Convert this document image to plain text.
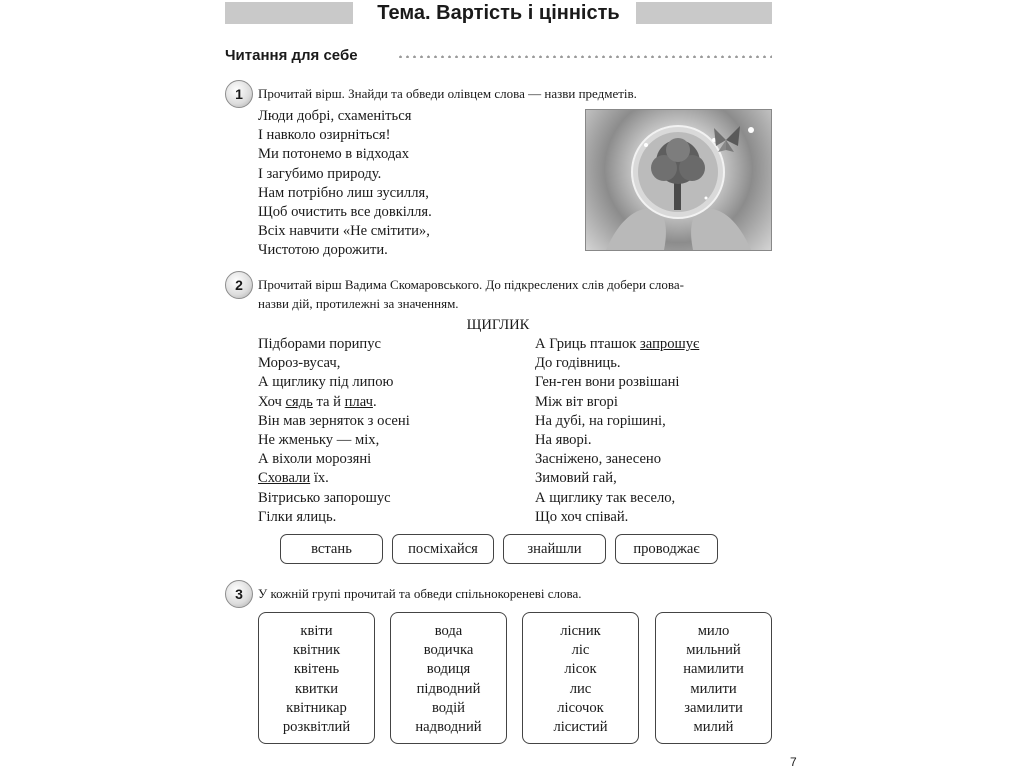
Тема. Вартість і цінність
Читання для себе
1	Прочитай вірш. Знайди та обведи олівцем слова — назви предметів.
Люди добрі, схаменіться
І навколо озирніться!
Ми потонемо в відходах
І загубимо природу.
Нам потрібно лиш зусилля,
Щоб очистить все довкілля.
Всіх навчити «Не смітити»,
Чистотою дорожити.
2	Прочитай вірш Вадима Скомаровського. До підкреслених слів добери слова-
назви дій, протилежні за значенням.
ЩИГЛИК
Підборами порипус
Мороз-вусач,
А щиглику під липою
Хоч сядь та й плач.
Він мав зерняток з осені
Не жменьку — міх,
А віхоли морозяні
Сховали їх.
Вітрисько запорошус
Гілки ялиць.
А Гриць пташок запрошує
До годівниць.
Ген-ген вони розвішані
Між віт вгорі
На дубі, на горішині,
На яворі.
Засніжено, занесено
Зимовий гай,
А щиглику так весело,
Що хоч співай.
встань	посміхайся	знайшли	проводжає
3	У кожній групі прочитай та обведи спільнокореневі слова.
квіти
квітник
квітень
квитки
квітникар
розквітлий
вода
водичка
водиця
підводний
водій
надводний
лісник
ліс
лісок
лис
лісочок
лісистий
мило
мильний
намилити
милити
замилити
милий
7
